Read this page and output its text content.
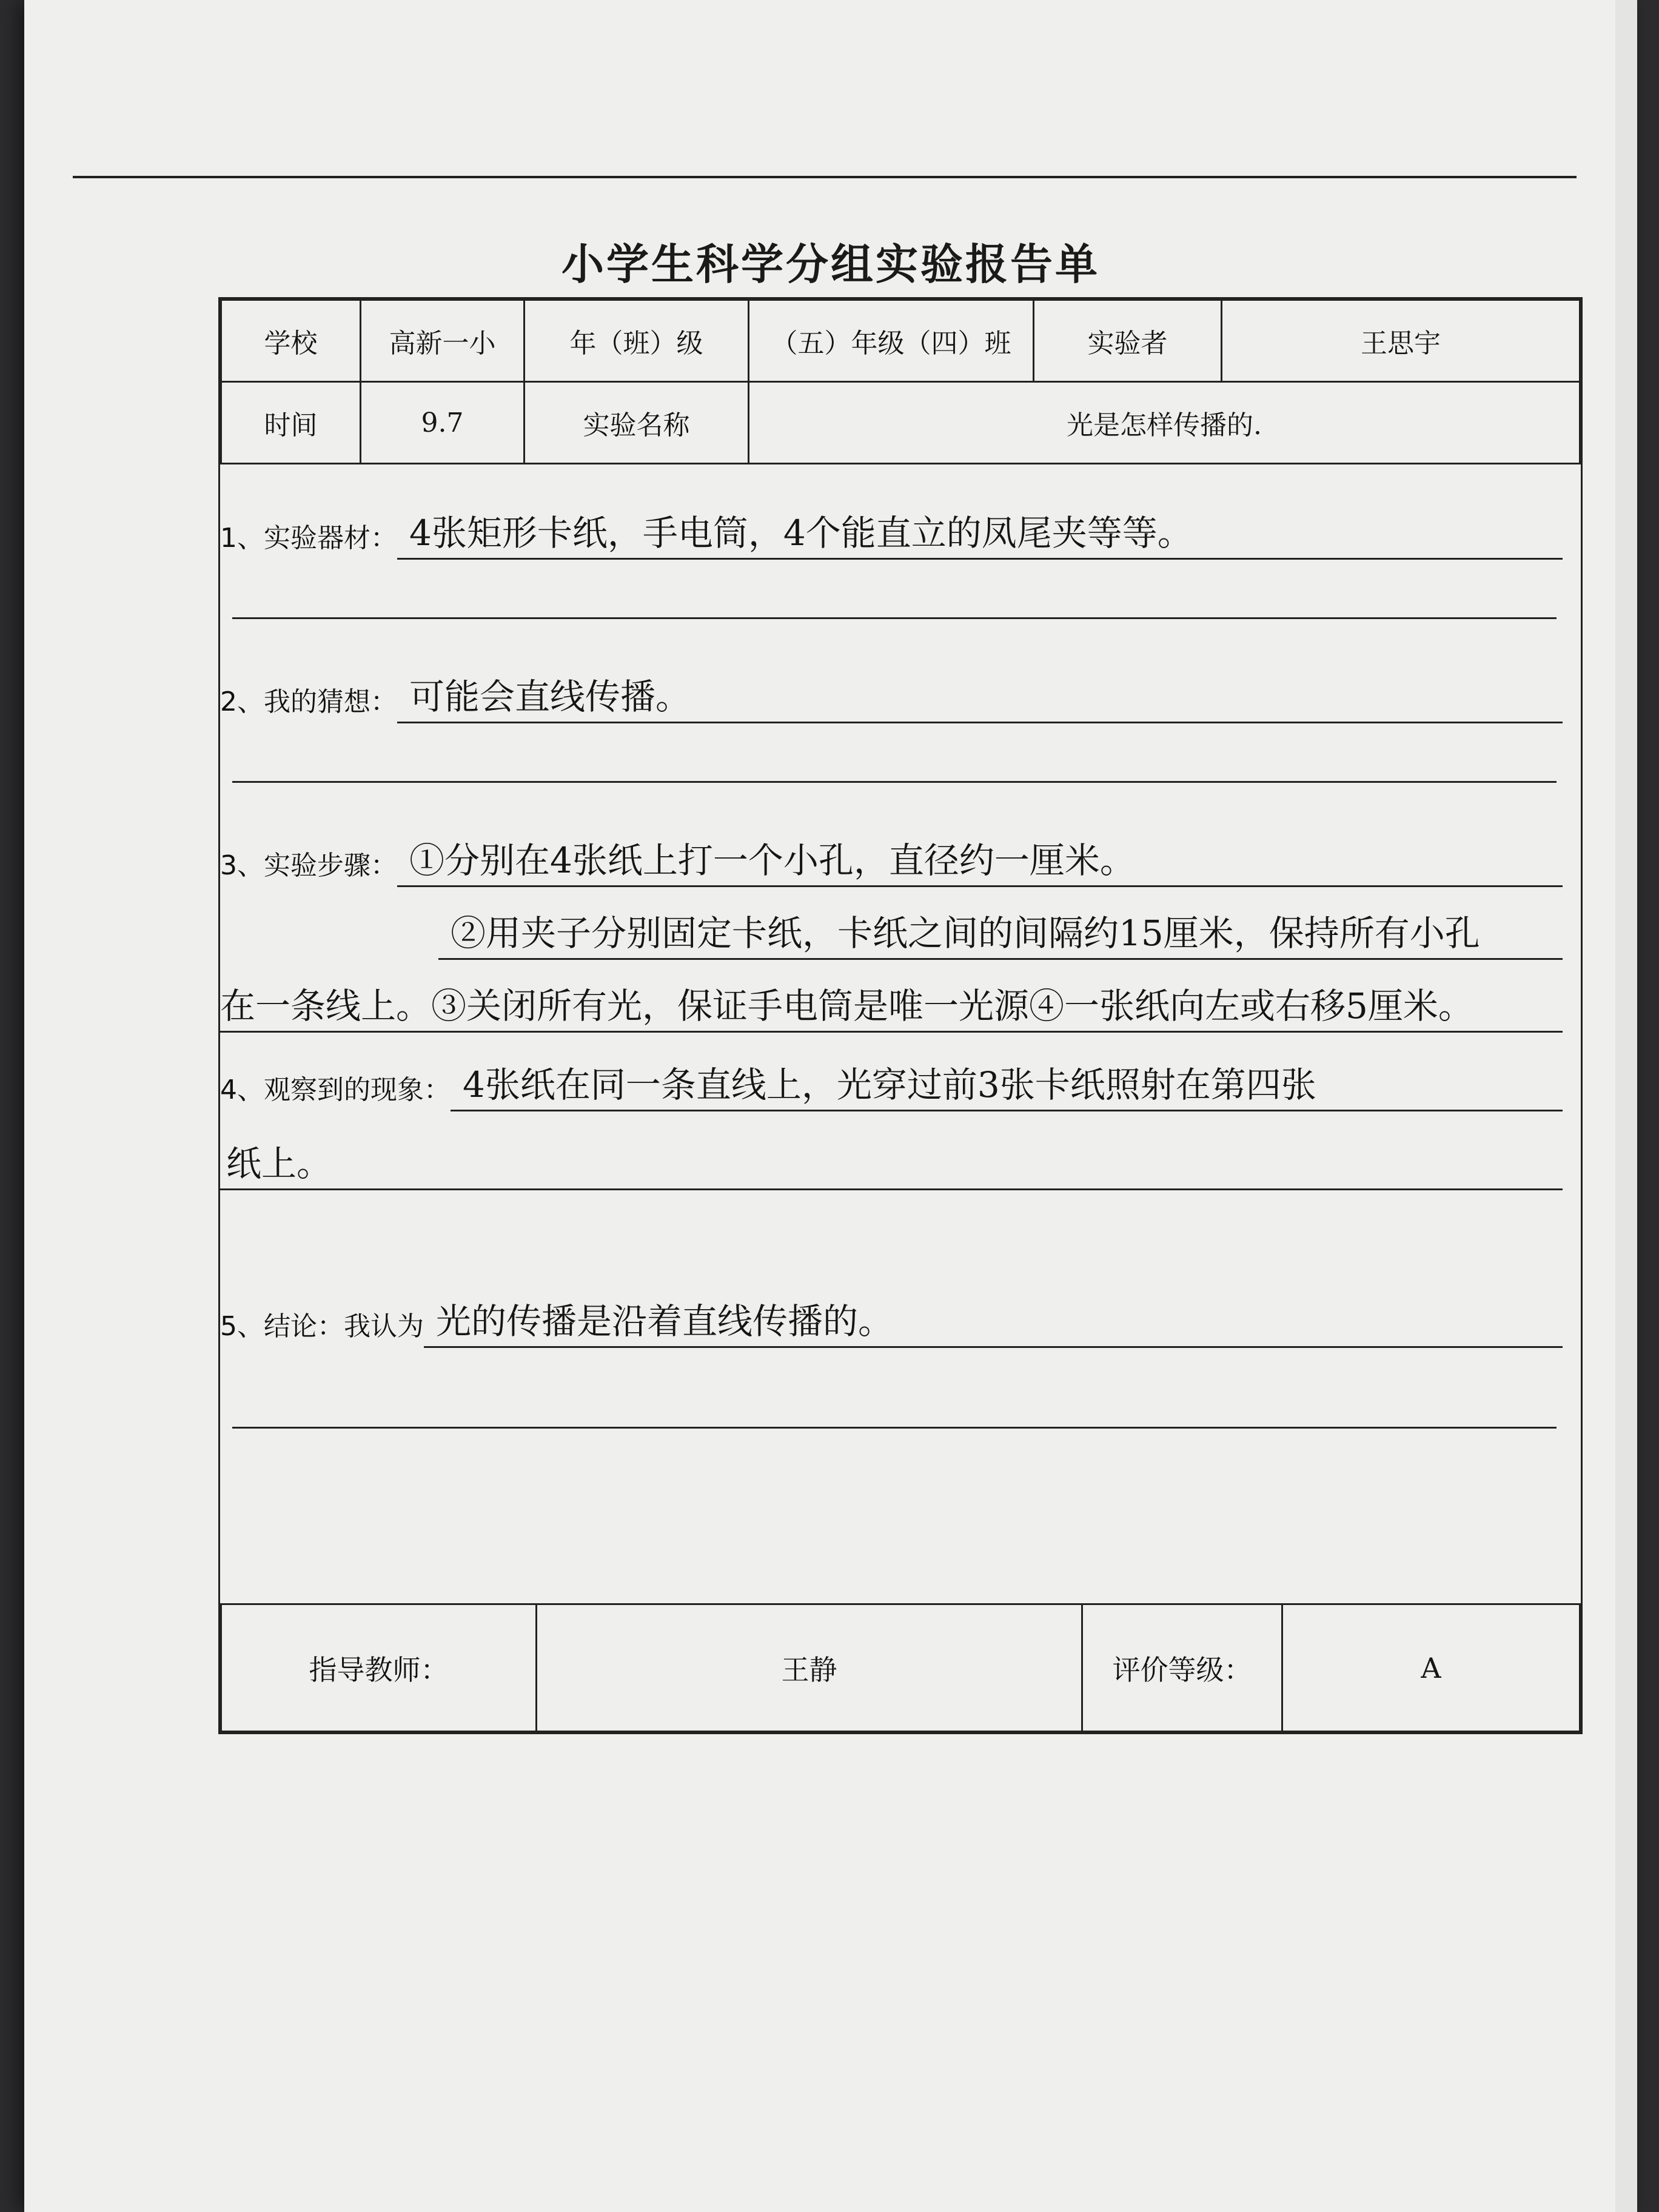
小学生科学分组实验报告单
学校	高新一小	年（班）级	（五）年级（四）班	实验者	王思宇
时间	9.7	实验名称	光是怎样传播的.		
1、实验器材： 4张矩形卡纸，手电筒，4个能直立的凤尾夹等等。
2、我的猜想： 可能会直线传播。
3、实验步骤： ①分别在4张纸上打一个小孔，直径约一厘米。
②用夹子分别固定卡纸，卡纸之间的间隔约15厘米，保持所有小孔
在一条线上。③关闭所有光，保证手电筒是唯一光源④一张纸向左或右移5厘米。
4、观察到的现象： 4张纸在同一条直线上，光穿过前3张卡纸照射在第四张
纸上。
5、结论：我认为 光的传播是沿着直线传播的。
指导教师：	王静	评价等级：	A
